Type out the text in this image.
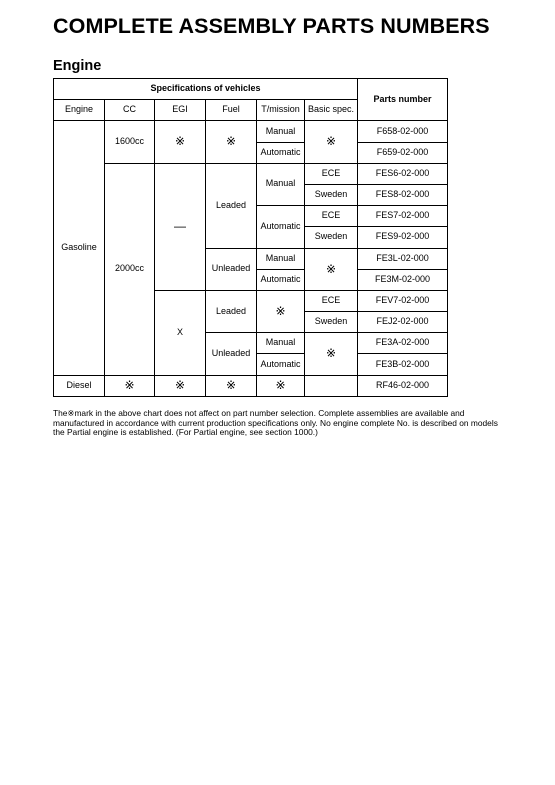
COMPLETE ASSEMBLY PARTS NUMBERS
Engine
Specifications of vehicles						Parts number
Engine	CC	EGI	Fuel	T/mission	Basic spec.	
Gasoline	1600cc	※	※	Manual	※	F658-02-000
				Automatic		F659-02-000
	2000cc	—	Leaded	Manual	ECE	FES6-02-000
					Sweden	FES8-02-000
				Automatic	ECE	FES7-02-000
					Sweden	FES9-02-000
			Unleaded	Manual	※	FE3L-02-000
				Automatic		FE3M-02-000
		X	Leaded	※	ECE	FEV7-02-000
					Sweden	FEJ2-02-000
			Unleaded	Manual	※	FE3A-02-000
				Automatic		FE3B-02-000
Diesel	※	※	※	※		RF46-02-000

The※mark in the above chart does not affect on part number selection. Complete assemblies are available and manufactured in accordance with current production specifications only. No engine complete No. is described on models the Partial engine is established. (For Partial engine, see section 1000.)
